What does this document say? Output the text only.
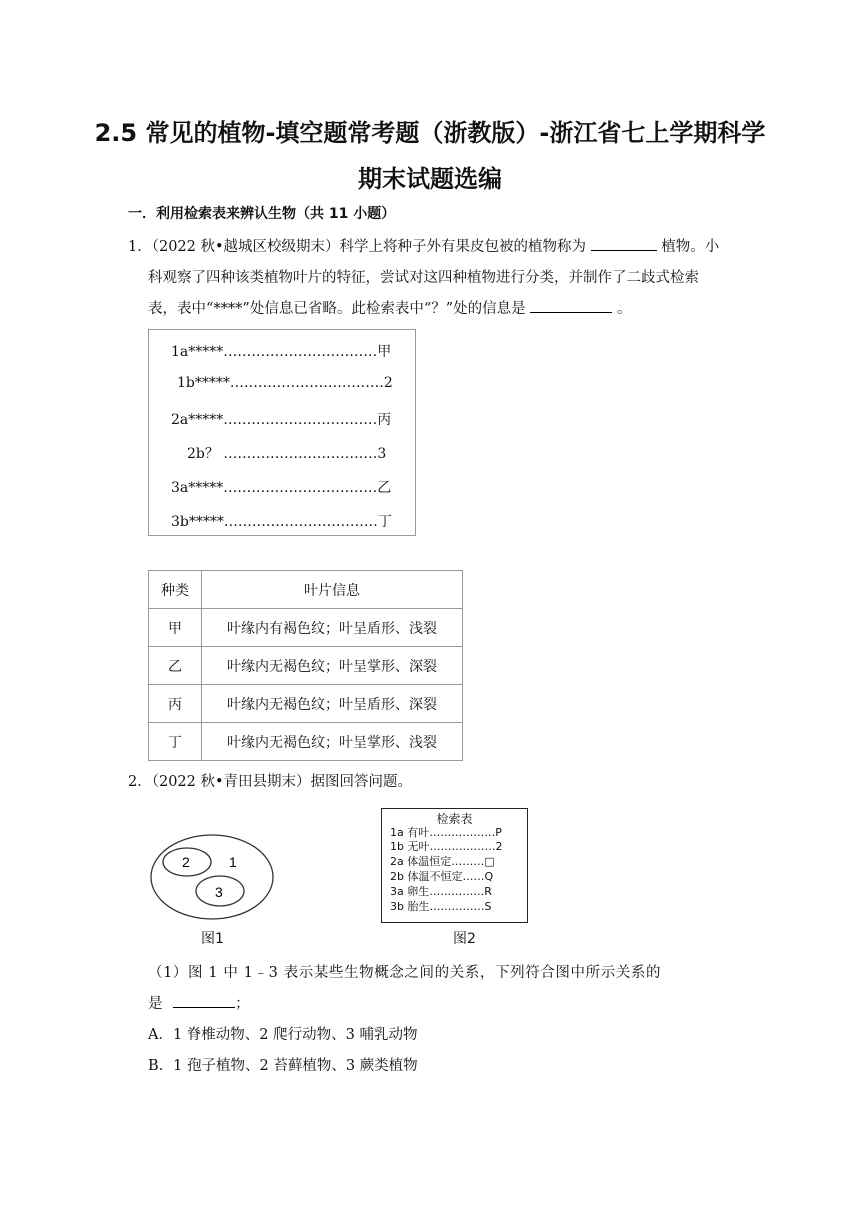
2.5 常见的植物-填空题常考题（浙教版）-浙江省七上学期科学
期末试题选编
一．利用检索表来辨认生物（共 11 小题）
1．（2022 秋•越城区校级期末）科学上将种子外有果皮包被的植物称为	植物。小
科观察了四种该类植物叶片的特征，尝试对这四种植物进行分类，并制作了二歧式检索
表，表中“****”处信息已省略。此检索表中“？”处的信息是	。
1a*****……………………………甲
1b*****……………………………2
2a*****……………………………丙
2b？ ……………………………3
3a*****……………………………乙
3b*****……………………………丁
种类	叶片信息
甲	叶缘内有褐色纹；叶呈盾形、浅裂
乙	叶缘内无褐色纹；叶呈掌形、深裂
丙	叶缘内无褐色纹；叶呈盾形、深裂
丁	叶缘内无褐色纹；叶呈掌形、浅裂
2．（2022 秋•青田县期末）据图回答问题。
2	1
3
图1
检索表
1a 有叶………………P
1b 无叶………………2
2a 体温恒定………□
2b 体温不恒定……Q
3a 卵生……………R
3b 胎生……………S
图2
（1）图 1 中 1﹣3 表示某些生物概念之间的关系，下列符合图中所示关系的
是	；
A．1 脊椎动物、2 爬行动物、3 哺乳动物
B．1 孢子植物、2 苔藓植物、3 蕨类植物
